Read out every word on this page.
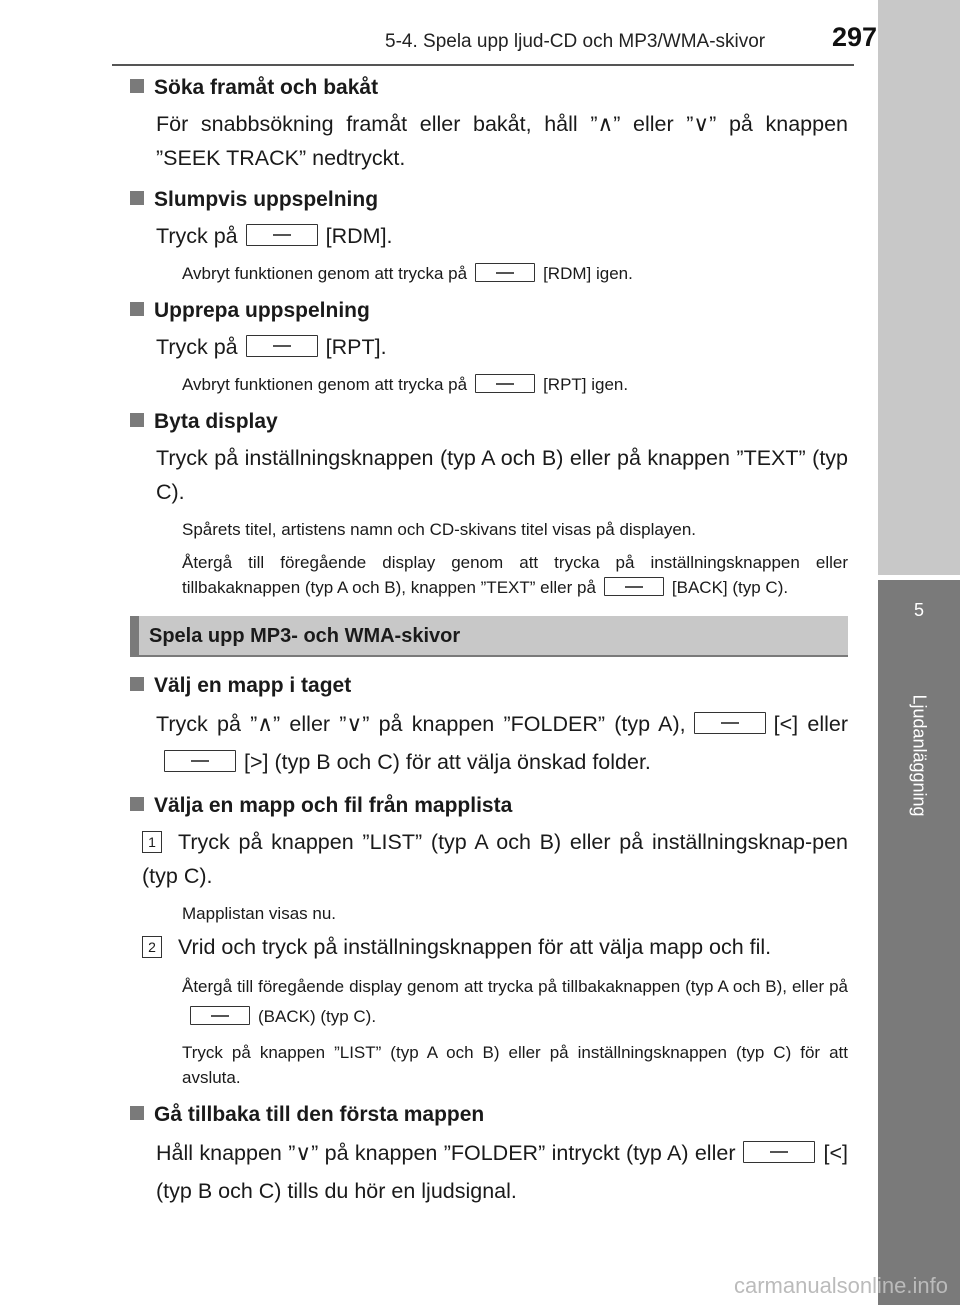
5-4. Spela upp ljud-CD och MP3/WMA-skivor 297
5
Ljudanläggning

Söka framåt och bakåt

För snabbsökning framåt eller bakåt, håll ”∧” eller ”∨” på knappen ”SEEK TRACK” nedtryckt.

Slumpvis uppspelning

Tryck på	[RDM].

Avbryt funktionen genom att trycka på	[RDM] igen.

Upprepa uppspelning

Tryck på	[RPT].

Avbryt funktionen genom att trycka på	[RPT] igen.

Byta display

Tryck på inställningsknappen (typ A och B) eller på knappen ”TEXT” (typ C).

Spårets titel, artistens namn och CD-skivans titel visas på displayen.

Återgå till föregående display genom att trycka på inställningsknappen eller tillbakaknappen (typ A och B), knappen ”TEXT” eller på	[BACK] (typ C).

Spela upp MP3- och WMA-skivor

Välj en mapp i taget

Tryck på ”∧” eller ”∨” på knappen ”FOLDER” (typ A),	[<] eller[>] (typ B och C) för att välja önskad folder.

Välja en mapp och fil från mapplista

1 Tryck på knappen ”LIST” (typ A och B) eller på inställningsknap-pen (typ C).

Mapplistan visas nu.

2 Vrid och tryck på inställningsknappen för att välja mapp och fil.

Återgå till föregående display genom att trycka på tillbakaknappen (typ A och B), eller på(BACK) (typ C).

Tryck på knappen ”LIST” (typ A och B) eller på inställningsknappen (typ C) för att avsluta.

Gå tillbaka till den första mappen

Håll knappen ”∨” på knappen ”FOLDER” intryckt (typ A) eller	[<] (typ B och C) tills du hör en ljudsignal.

carmanualsonline.info
